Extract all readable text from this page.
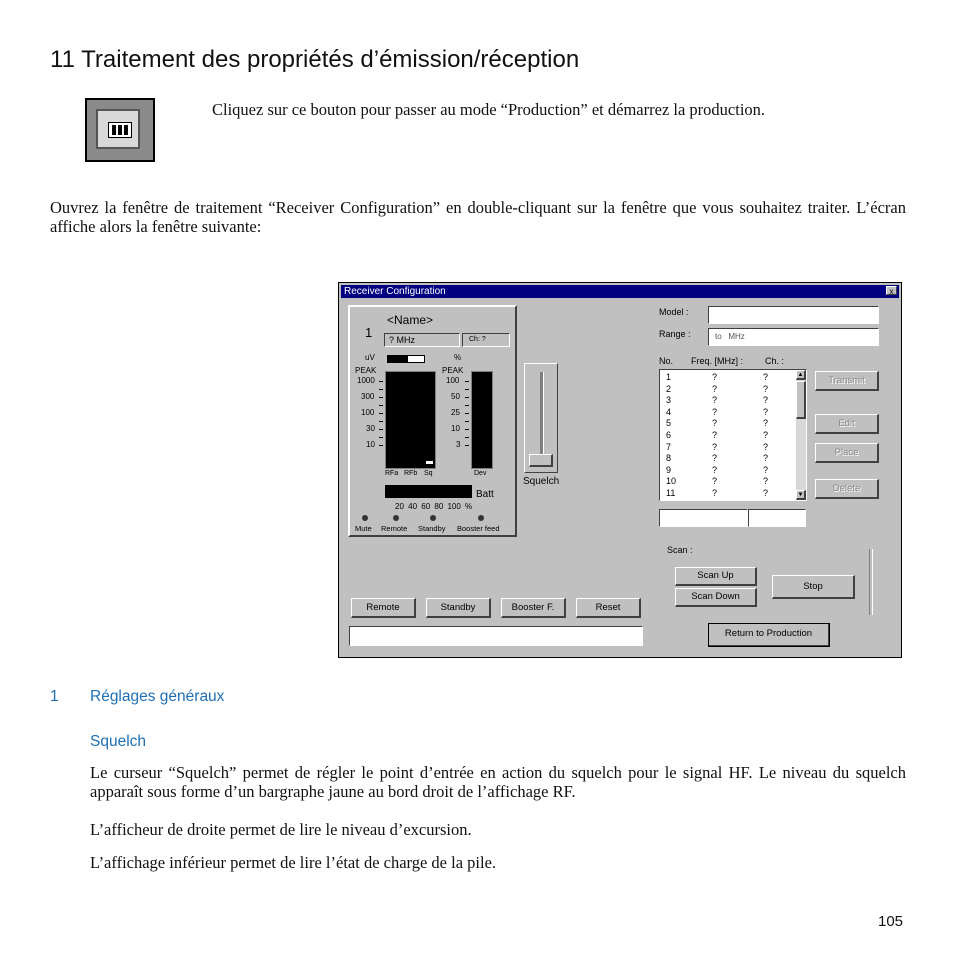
11 Traitement des propriétés d’émission/réception
Cliquez sur ce bouton pour passer au mode “Production” et démarrez la production.
Ouvrez la fenêtre de traitement “Receiver Configuration” en double-cliquant sur la fenêtre que vous souhaitez traiter. L’écran affiche alors la fenêtre suivante:
Receiver Configuration	x
1
<Name>
? MHz	Ch: ?
uV	%
PEAK	PEAK
1000
300
100
30
10
100
50
25
10
3
RFa RFb Sq	Dev
Batt
20 40 60 80 100 %
Mute Remote Standby Booster feed
Squelch
Model :
Range :	to   MHz
No. Freq. [MHz] : Ch. :
1	?	?
2	?	?
3	?	?
4	?	?
5	?	?
6	?	?
7	?	?
8	?	?
9	?	?
10	?	?
11	?	?
▲
▼
Transmit
Edit
Place
Delete
Scan :
Scan Up
Scan Down
Stop
Remote	Standby	Booster F.	Reset
Return to Production
1 Réglages généraux
Squelch
Le curseur “Squelch” permet de régler le point d’entrée en action du squelch pour le signal HF. Le niveau du squelch apparaît sous forme d’un bargraphe jaune au bord droit de l’affichage RF.
L’afficheur de droite permet de lire le niveau d’excursion.
L’affichage inférieur permet de lire l’état de charge de la pile.
105
